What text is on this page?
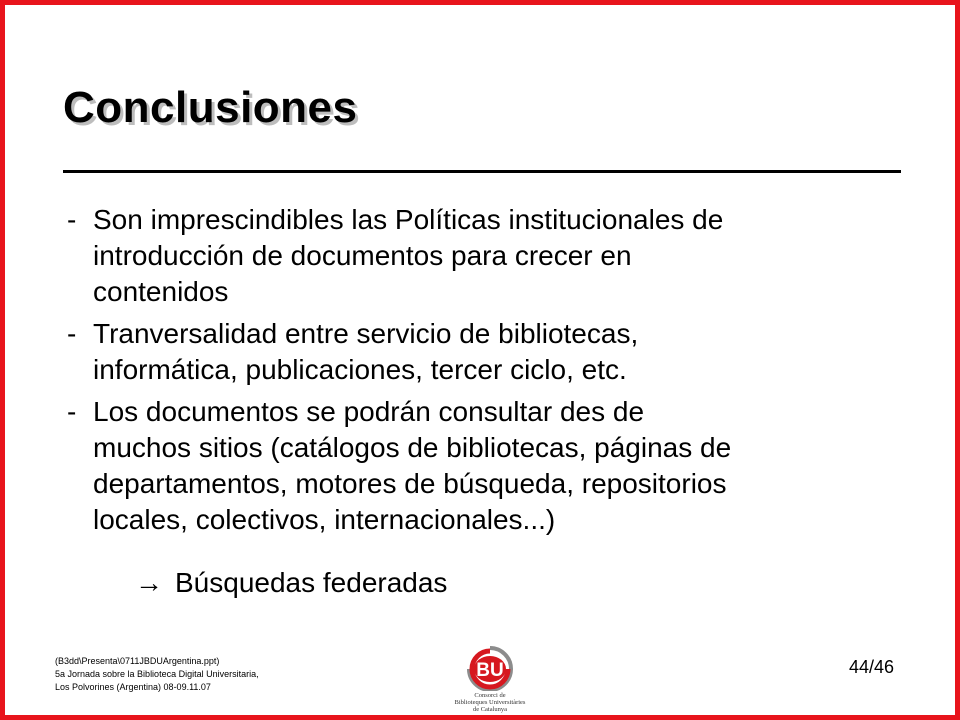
Conclusiones
- Son imprescindibles las Políticas institucionales de
introducción de documentos para crecer en
contenidos
- Tranversalidad entre servicio de bibliotecas,
informática, publicaciones, tercer ciclo, etc.
- Los documentos se podrán consultar des de
muchos sitios (catálogos de bibliotecas, páginas de
departamentos, motores de búsqueda, repositorios
locales, colectivos, internacionales...)
→ Búsquedas federadas
(B3dd\Presenta\0711JBDUArgentina.ppt)
5a Jornada sobre la Biblioteca Digital Universitaria,
Los Polvorines (Argentina) 08-09.11.07
BU
Consorci de
Biblioteques Universitàries
de Catalunya
44/46
